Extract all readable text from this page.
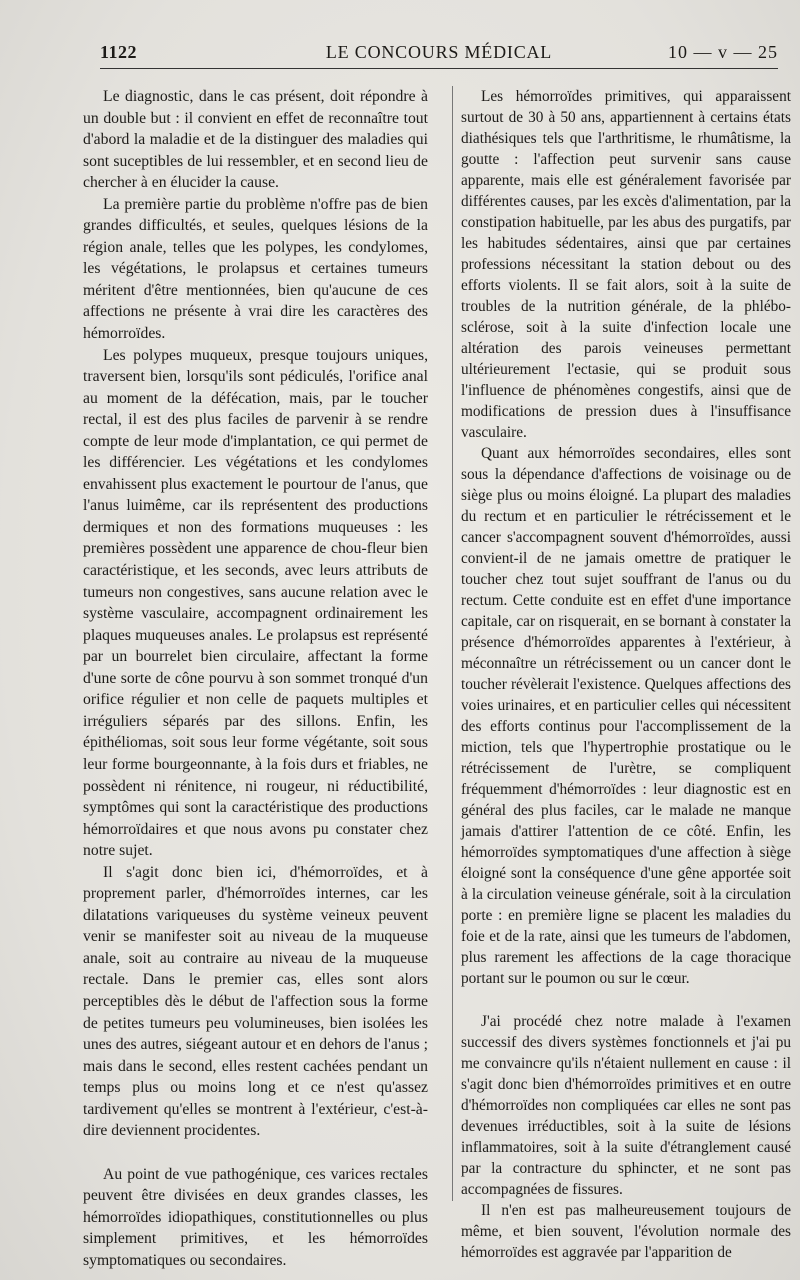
1122	LE CONCOURS MÉDICAL	10 — v — 25

Le diagnostic, dans le cas présent, doit répondre à un double but : il convient en effet de reconnaître tout d'abord la maladie et de la distinguer des maladies qui sont suceptibles de lui ressembler, et en second lieu de chercher à en élucider la cause.

La première partie du problème n'offre pas de bien grandes difficultés, et seules, quelques lésions de la région anale, telles que les polypes, les condylomes, les végétations, le prolapsus et certaines tumeurs méritent d'être mentionnées, bien qu'aucune de ces affections ne présente à vrai dire les caractères des hémorroïdes.

Les polypes muqueux, presque toujours uniques, traversent bien, lorsqu'ils sont pédiculés, l'orifice anal au moment de la défécation, mais, par le toucher rectal, il est des plus faciles de parvenir à se rendre compte de leur mode d'implantation, ce qui permet de les différencier. Les végétations et les condylomes envahissent plus exactement le pourtour de l'anus, que l'anus luimême, car ils représentent des productions dermiques et non des formations muqueuses : les premières possèdent une apparence de chou-fleur bien caractéristique, et les seconds, avec leurs attributs de tumeurs non congestives, sans aucune relation avec le système vasculaire, accompagnent ordinairement les plaques muqueuses anales. Le prolapsus est représenté par un bourrelet bien circulaire, affectant la forme d'une sorte de cône pourvu à son sommet tronqué d'un orifice régulier et non celle de paquets multiples et irréguliers séparés par des sillons. Enfin, les épithéliomas, soit sous leur forme végétante, soit sous leur forme bourgeonnante, à la fois durs et friables, ne possèdent ni rénitence, ni rougeur, ni réductibilité, symptômes qui sont la caractéristique des productions hémorroïdaires et que nous avons pu constater chez notre sujet.

Il s'agit donc bien ici, d'hémorroïdes, et à proprement parler, d'hémorroïdes internes, car les dilatations variqueuses du système veineux peuvent venir se manifester soit au niveau de la muqueuse anale, soit au contraire au niveau de la muqueuse rectale. Dans le premier cas, elles sont alors perceptibles dès le début de l'affection sous la forme de petites tumeurs peu volumineuses, bien isolées les unes des autres, siégeant autour et en dehors de l'anus ; mais dans le second, elles restent cachées pendant un temps plus ou moins long et ce n'est qu'assez tardivement qu'elles se montrent à l'extérieur, c'est-à-dire deviennent procidentes.

Au point de vue pathogénique, ces varices rectales peuvent être divisées en deux grandes classes, les hémorroïdes idiopathiques, constitutionnelles ou plus simplement primitives, et les hémorroïdes symptomatiques ou secondaires.

Les hémorroïdes primitives, qui apparaissent surtout de 30 à 50 ans, appartiennent à certains états diathésiques tels que l'arthritisme, le rhumâtisme, la goutte : l'affection peut survenir sans cause apparente, mais elle est généralement favorisée par différentes causes, par les excès d'alimentation, par la constipation habituelle, par les abus des purgatifs, par les habitudes sédentaires, ainsi que par certaines professions nécessitant la station debout ou des efforts violents. Il se fait alors, soit à la suite de troubles de la nutrition générale, de la phlébo-sclérose, soit à la suite d'infection locale une altération des parois veineuses permettant ultérieurement l'ectasie, qui se produit sous l'influence de phénomènes congestifs, ainsi que de modifications de pression dues à l'insuffisance vasculaire.

Quant aux hémorroïdes secondaires, elles sont sous la dépendance d'affections de voisinage ou de siège plus ou moins éloigné. La plupart des maladies du rectum et en particulier le rétrécissement et le cancer s'accompagnent souvent d'hémorroïdes, aussi convient-il de ne jamais omettre de pratiquer le toucher chez tout sujet souffrant de l'anus ou du rectum. Cette conduite est en effet d'une importance capitale, car on risquerait, en se bornant à constater la présence d'hémorroïdes apparentes à l'extérieur, à méconnaître un rétrécissement ou un cancer dont le toucher révèlerait l'existence. Quelques affections des voies urinaires, et en particulier celles qui nécessitent des efforts continus pour l'accomplissement de la miction, tels que l'hypertrophie prostatique ou le rétrécissement de l'urètre, se compliquent fréquemment d'hémorroïdes : leur diagnostic est en général des plus faciles, car le malade ne manque jamais d'attirer l'attention de ce côté. Enfin, les hémorroïdes symptomatiques d'une affection à siège éloigné sont la conséquence d'une gêne apportée soit à la circulation veineuse générale, soit à la circulation porte : en première ligne se placent les maladies du foie et de la rate, ainsi que les tumeurs de l'abdomen, plus rarement les affections de la cage thoracique portant sur le poumon ou sur le cœur.

J'ai procédé chez notre malade à l'examen successif des divers systèmes fonctionnels et j'ai pu me convaincre qu'ils n'étaient nullement en cause : il s'agit donc bien d'hémorroïdes primitives et en outre d'hémorroïdes non compliquées car elles ne sont pas devenues irréductibles, soit à la suite de lésions inflammatoires, soit à la suite d'étranglement causé par la contracture du sphincter, et ne sont pas accompagnées de fissures.

Il n'en est pas malheureusement toujours de même, et bien souvent, l'évolution normale des hémorroïdes est aggravée par l'apparition de
